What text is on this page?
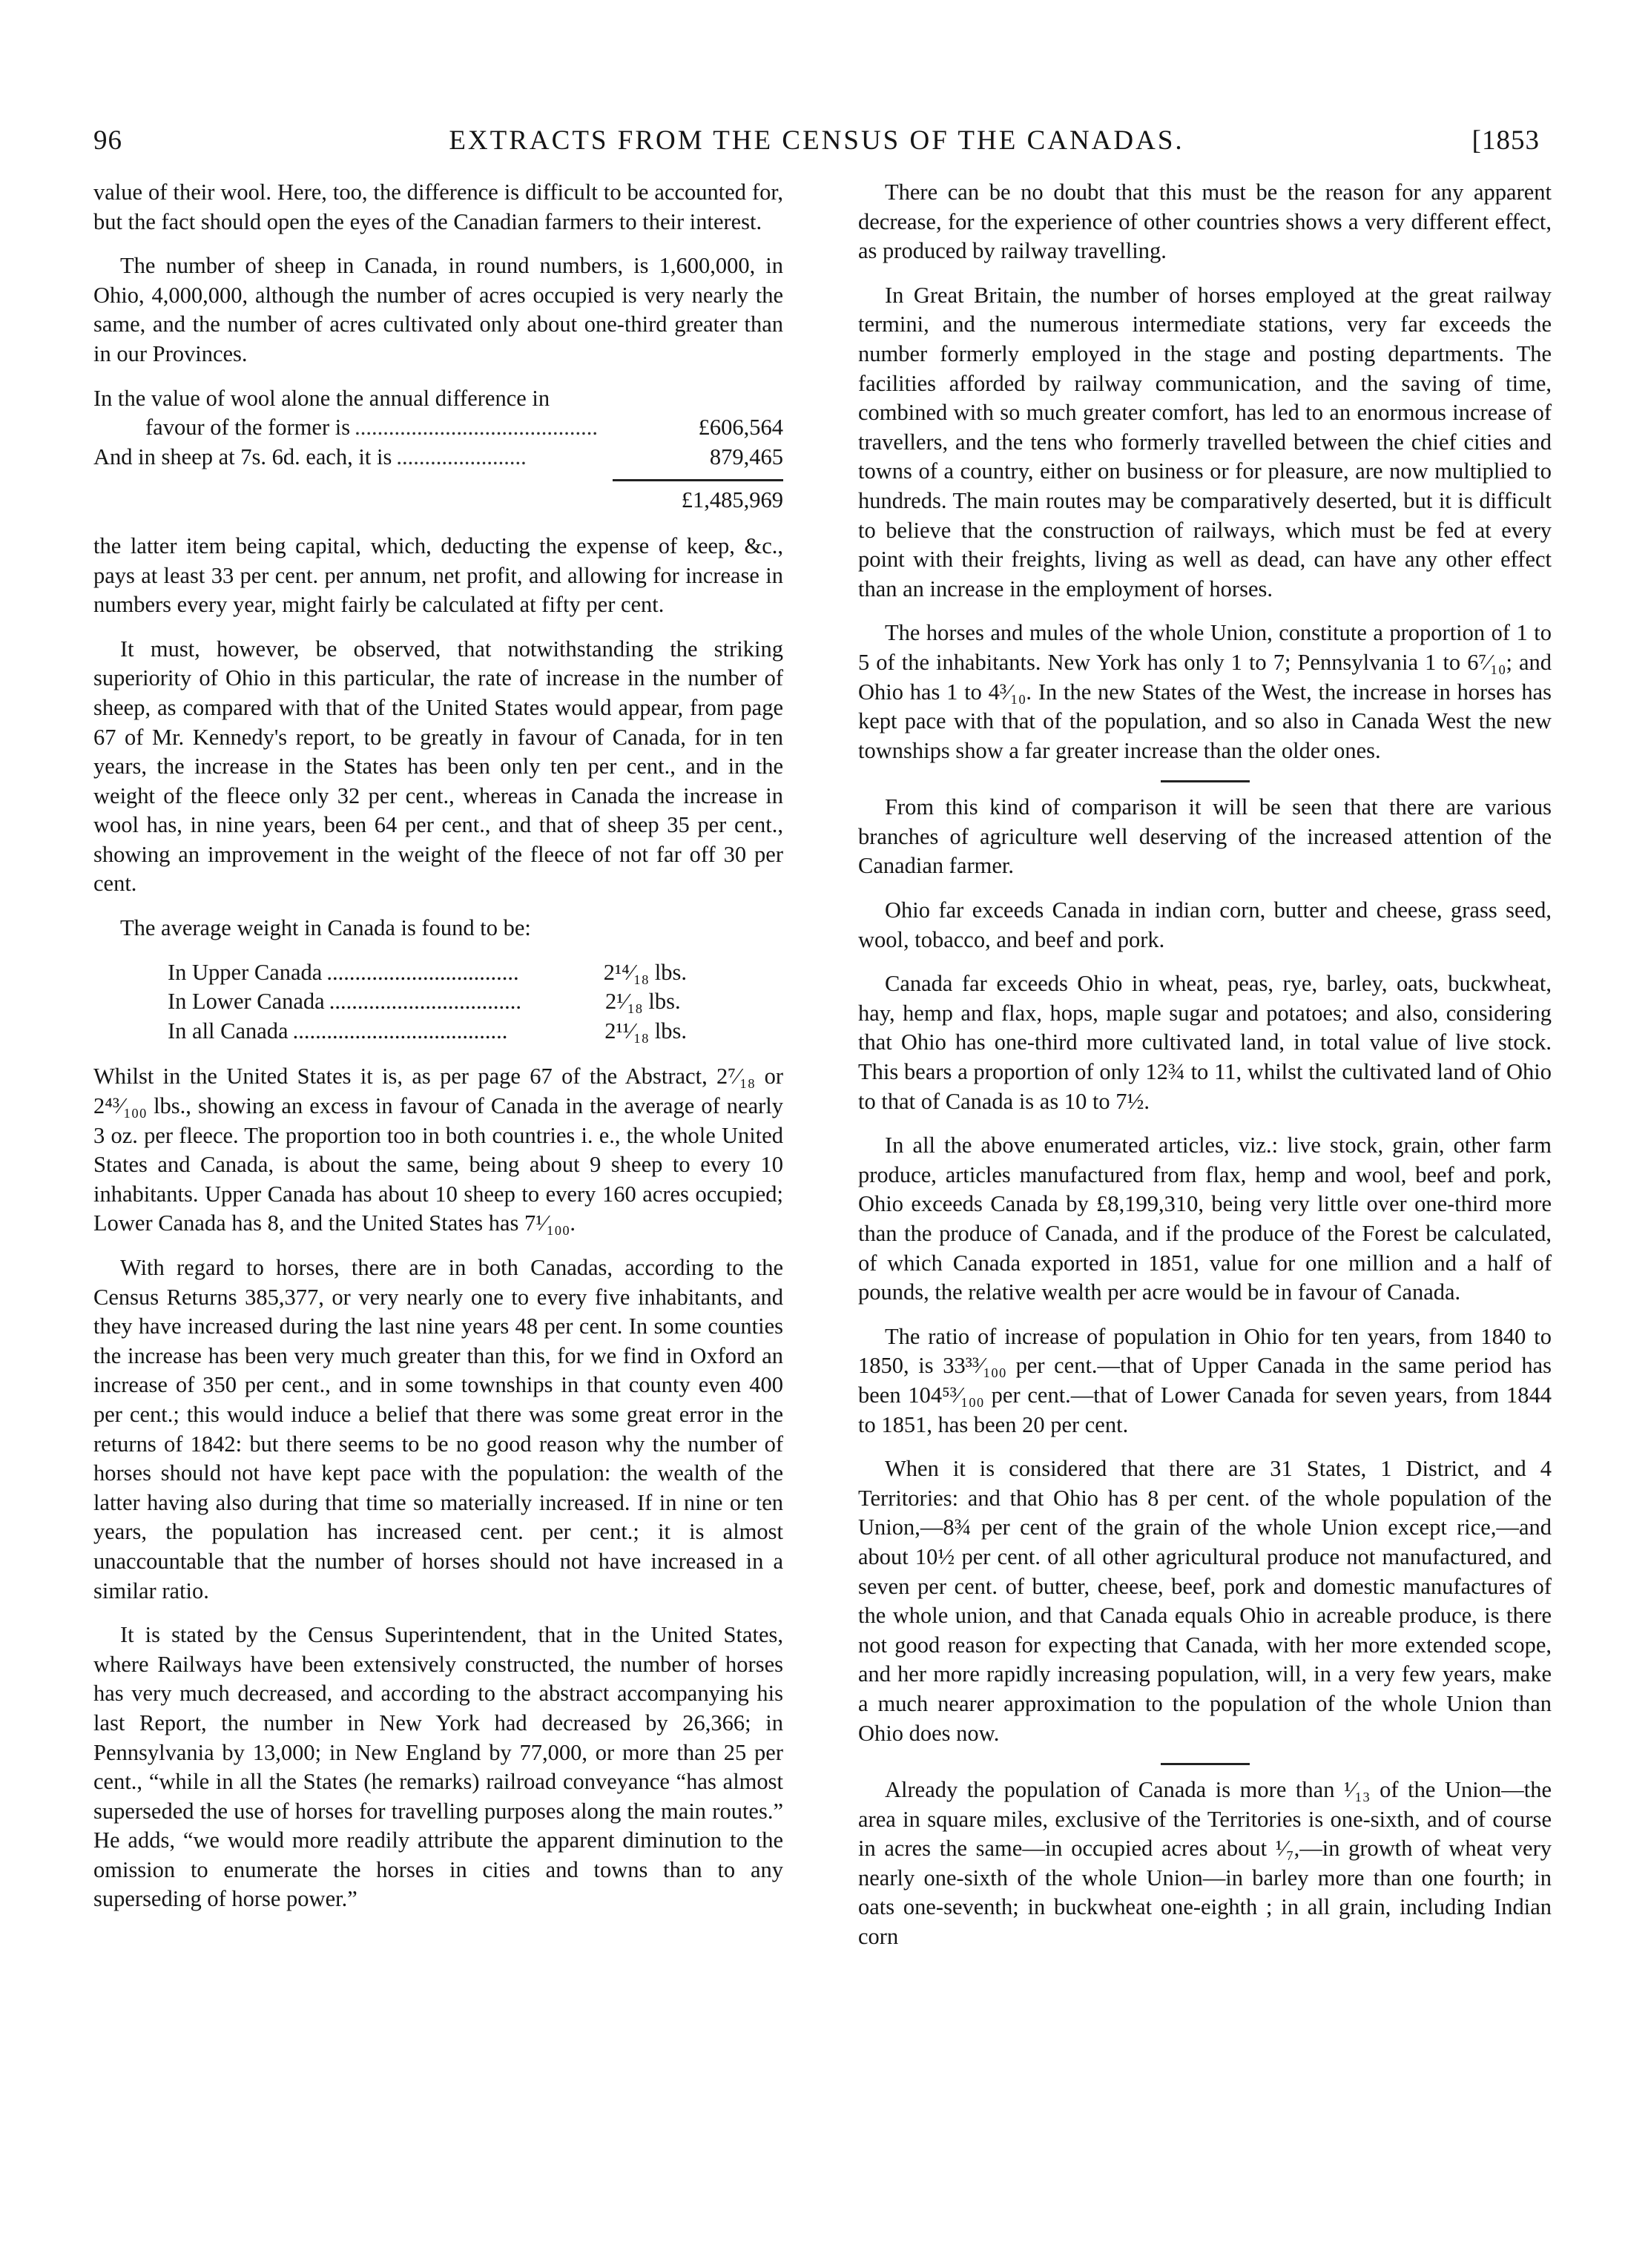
96	EXTRACTS FROM THE CENSUS OF THE CANADAS.	[1853

value of their wool. Here, too, the difference is difficult to be accounted for, but the fact should open the eyes of the Canadian farmers to their interest.

The number of sheep in Canada, in round numbers, is 1,600,000, in Ohio, 4,000,000, although the number of acres occupied is very nearly the same, and the number of acres cultivated only about one-third greater than in our Provinces.

In the value of wool alone the annual difference in
favour of the former is ...........................................	£606,564
And in sheep at 7s. 6d. each, it is .......................	879,465
£1,485,969

the latter item being capital, which, deducting the expense of keep, &c., pays at least 33 per cent. per annum, net profit, and allowing for increase in numbers every year, might fairly be calculated at fifty per cent.

It must, however, be observed, that notwithstanding the striking superiority of Ohio in this particular, the rate of increase in the number of sheep, as compared with that of the United States would appear, from page 67 of Mr. Kennedy's report, to be greatly in favour of Canada, for in ten years, the increase in the States has been only ten per cent., and in the weight of the fleece only 32 per cent., whereas in Canada the increase in wool has, in nine years, been 64 per cent., and that of sheep 35 per cent., showing an improvement in the weight of the fleece of not far off 30 per cent.

The average weight in Canada is found to be:

In Upper Canada ..................................	2¹⁴⁄₁₈ lbs.
In Lower Canada ..................................	2¹⁄₁₈ lbs.
In all Canada ......................................	2¹¹⁄₁₈ lbs.

Whilst in the United States it is, as per page 67 of the Abstract, 2⁷⁄₁₈ or 2⁴³⁄₁₀₀ lbs., showing an excess in favour of Canada in the average of nearly 3 oz. per fleece. The proportion too in both countries i. e., the whole United States and Canada, is about the same, being about 9 sheep to every 10 inhabitants. Upper Canada has about 10 sheep to every 160 acres occupied; Lower Canada has 8, and the United States has 7¹⁄₁₀₀.

With regard to horses, there are in both Canadas, according to the Census Returns 385,377, or very nearly one to every five inhabitants, and they have increased during the last nine years 48 per cent. In some counties the increase has been very much greater than this, for we find in Oxford an increase of 350 per cent., and in some townships in that county even 400 per cent.; this would induce a belief that there was some great error in the returns of 1842: but there seems to be no good reason why the number of horses should not have kept pace with the population: the wealth of the latter having also during that time so materially increased. If in nine or ten years, the population has increased cent. per cent.; it is almost unaccountable that the number of horses should not have increased in a similar ratio.

It is stated by the Census Superintendent, that in the United States, where Railways have been extensively constructed, the number of horses has very much decreased, and according to the abstract accompanying his last Report, the number in New York had decreased by 26,366; in Pennsylvania by 13,000; in New England by 77,000, or more than 25 per cent., “while in all the States (he remarks) railroad conveyance “has almost superseded the use of horses for travelling purposes along the main routes.” He adds, “we would more readily attribute the apparent diminution to the omission to enumerate the horses in cities and towns than to any superseding of horse power.”

There can be no doubt that this must be the reason for any apparent decrease, for the experience of other countries shows a very different effect, as produced by railway travelling.

In Great Britain, the number of horses employed at the great railway termini, and the numerous intermediate stations, very far exceeds the number formerly employed in the stage and posting departments. The facilities afforded by railway communication, and the saving of time, combined with so much greater comfort, has led to an enormous increase of travellers, and the tens who formerly travelled between the chief cities and towns of a country, either on business or for pleasure, are now multiplied to hundreds. The main routes may be comparatively deserted, but it is difficult to believe that the construction of railways, which must be fed at every point with their freights, living as well as dead, can have any other effect than an increase in the employment of horses.

The horses and mules of the whole Union, constitute a proportion of 1 to 5 of the inhabitants. New York has only 1 to 7; Pennsylvania 1 to 6⁷⁄₁₀; and Ohio has 1 to 4³⁄₁₀. In the new States of the West, the increase in horses has kept pace with that of the population, and so also in Canada West the new townships show a far greater increase than the older ones.

From this kind of comparison it will be seen that there are various branches of agriculture well deserving of the increased attention of the Canadian farmer.

Ohio far exceeds Canada in indian corn, butter and cheese, grass seed, wool, tobacco, and beef and pork.

Canada far exceeds Ohio in wheat, peas, rye, barley, oats, buckwheat, hay, hemp and flax, hops, maple sugar and potatoes; and also, considering that Ohio has one-third more cultivated land, in total value of live stock. This bears a proportion of only 12¾ to 11, whilst the cultivated land of Ohio to that of Canada is as 10 to 7½.

In all the above enumerated articles, viz.: live stock, grain, other farm produce, articles manufactured from flax, hemp and wool, beef and pork, Ohio exceeds Canada by £8,199,310, being very little over one-third more than the produce of Canada, and if the produce of the Forest be calculated, of which Canada exported in 1851, value for one million and a half of pounds, the relative wealth per acre would be in favour of Canada.

The ratio of increase of population in Ohio for ten years, from 1840 to 1850, is 33³³⁄₁₀₀ per cent.—that of Upper Canada in the same period has been 104⁵³⁄₁₀₀ per cent.—that of Lower Canada for seven years, from 1844 to 1851, has been 20 per cent.

When it is considered that there are 31 States, 1 District, and 4 Territories: and that Ohio has 8 per cent. of the whole population of the Union,—8¾ per cent of the grain of the whole Union except rice,—and about 10½ per cent. of all other agricultural produce not manufactured, and seven per cent. of butter, cheese, beef, pork and domestic manufactures of the whole union, and that Canada equals Ohio in acreable produce, is there not good reason for expecting that Canada, with her more extended scope, and her more rapidly increasing population, will, in a very few years, make a much nearer approximation to the population of the whole Union than Ohio does now.

Already the population of Canada is more than ¹⁄₁₃ of the Union—the area in square miles, exclusive of the Territories is one-sixth, and of course in acres the same—in occupied acres about ¹⁄₇,—in growth of wheat very nearly one-sixth of the whole Union—in barley more than one fourth; in oats one-seventh; in buckwheat one-eighth ; in all grain, including Indian corn
